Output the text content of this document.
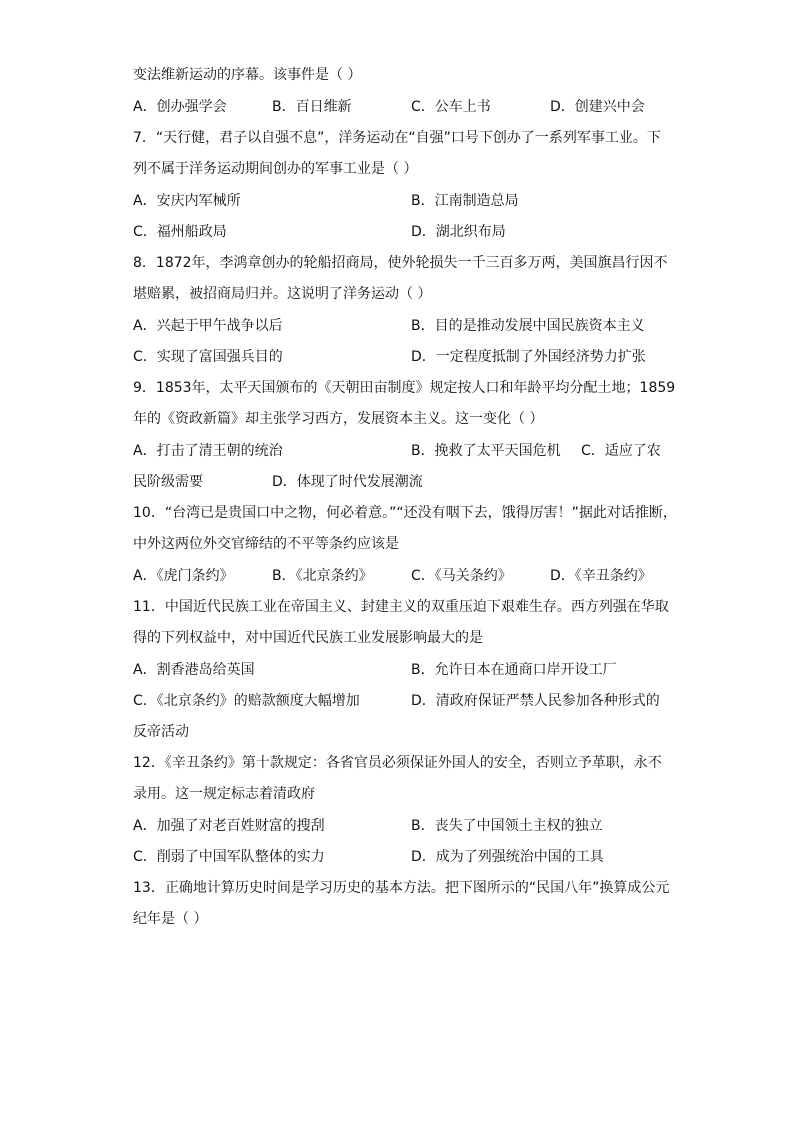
变法维新运动的序幕。该事件是（ ）
A．创办强学会	B．百日维新	C．公车上书	D．创建兴中会
7．“天行健，君子以自强不息”，洋务运动在“自强”口号下创办了一系列军事工业。下
列不属于洋务运动期间创办的军事工业是（ ）
A．安庆内军械所	B．江南制造总局
C．福州船政局	D．湖北织布局
8．1872年，李鸿章创办的轮船招商局，使外轮损失一千三百多万两，美国旗昌行因不
堪赔累，被招商局归并。这说明了洋务运动（ ）
A．兴起于甲午战争以后	B．目的是推动发展中国民族资本主义
C．实现了富国强兵目的	D．一定程度抵制了外国经济势力扩张
9．1853年，太平天国颁布的《天朝田亩制度》规定按人口和年龄平均分配土地；1859
年的《资政新篇》却主张学习西方，发展资本主义。这一变化（ ）
A．打击了清王朝的统治	B．挽救了太平天国危机 C．适应了农
民阶级需要	D．体现了时代发展潮流
10．“台湾已是贵国口中之物，何必着意。”“还没有咽下去，饿得厉害！”据此对话推断，
中外这两位外交官缔结的不平等条约应该是
A．《虎门条约》	B．《北京条约》	C．《马关条约》	D．《辛丑条约》
11．中国近代民族工业在帝国主义、封建主义的双重压迫下艰难生存。西方列强在华取
得的下列权益中，对中国近代民族工业发展影响最大的是
A．割香港岛给英国	B．允许日本在通商口岸开设工厂
C．《北京条约》的赔款额度大幅增加	D．清政府保证严禁人民参加各种形式的
反帝活动
12．《辛丑条约》第十款规定：各省官员必须保证外国人的安全，否则立予革职，永不
录用。这一规定标志着清政府
A．加强了对老百姓财富的搜刮	B．丧失了中国领土主权的独立
C．削弱了中国军队整体的实力	D．成为了列强统治中国的工具
13．正确地计算历史时间是学习历史的基本方法。把下图所示的“民国八年”换算成公元
纪年是（ ）
